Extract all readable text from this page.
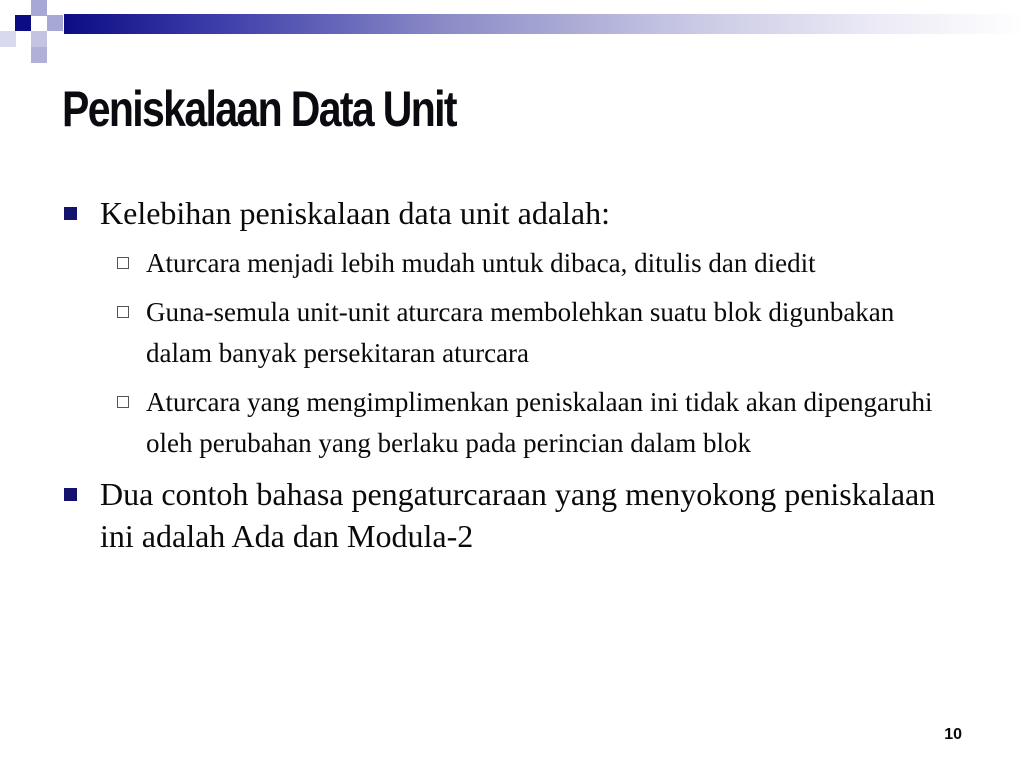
Peniskalaan Data Unit
Kelebihan peniskalaan data unit adalah:
Aturcara menjadi lebih mudah untuk dibaca, ditulis dan diedit
Guna-semula unit-unit aturcara membolehkan suatu blok digunbakan dalam banyak persekitaran aturcara
Aturcara yang mengimplimenkan peniskalaan ini tidak akan dipengaruhi oleh perubahan yang berlaku pada perincian dalam blok
Dua contoh bahasa pengaturcaraan yang menyokong peniskalaan ini adalah Ada dan Modula-2
10
